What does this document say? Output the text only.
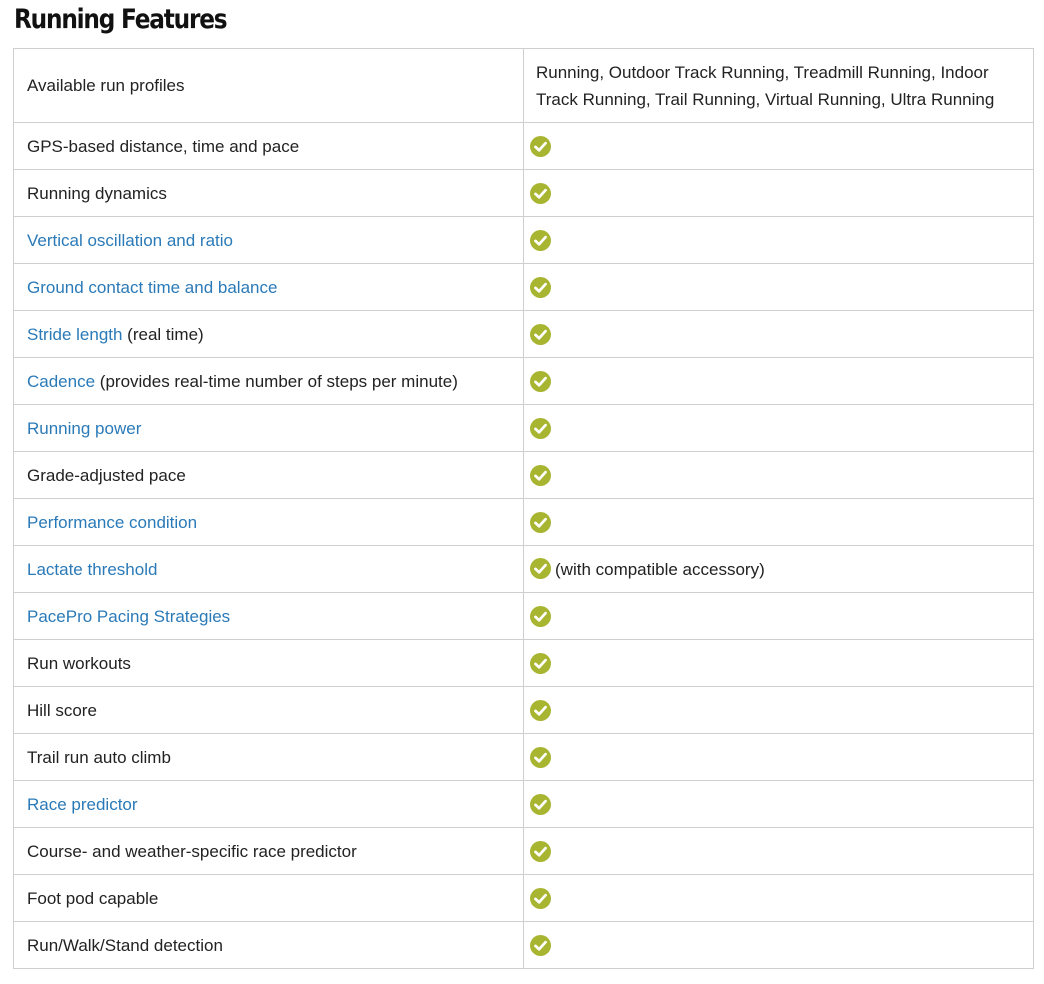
Running Features
Available run profiles	Running, Outdoor Track Running, Treadmill Running, Indoor Track Running, Trail Running, Virtual Running, Ultra Running
GPS-based distance, time and pace	

Running dynamics	

Vertical oscillation and ratio	

Ground contact time and balance	

Stride length (real time)	

Cadence (provides real-time number of steps per minute)	

Running power	

Grade-adjusted pace	

Performance condition	

Lactate threshold	(with compatible accessory)
PacePro Pacing Strategies	

Run workouts	

Hill score	

Trail run auto climb	

Race predictor	

Course- and weather-specific race predictor	

Foot pod capable	

Run/Walk/Stand detection	
